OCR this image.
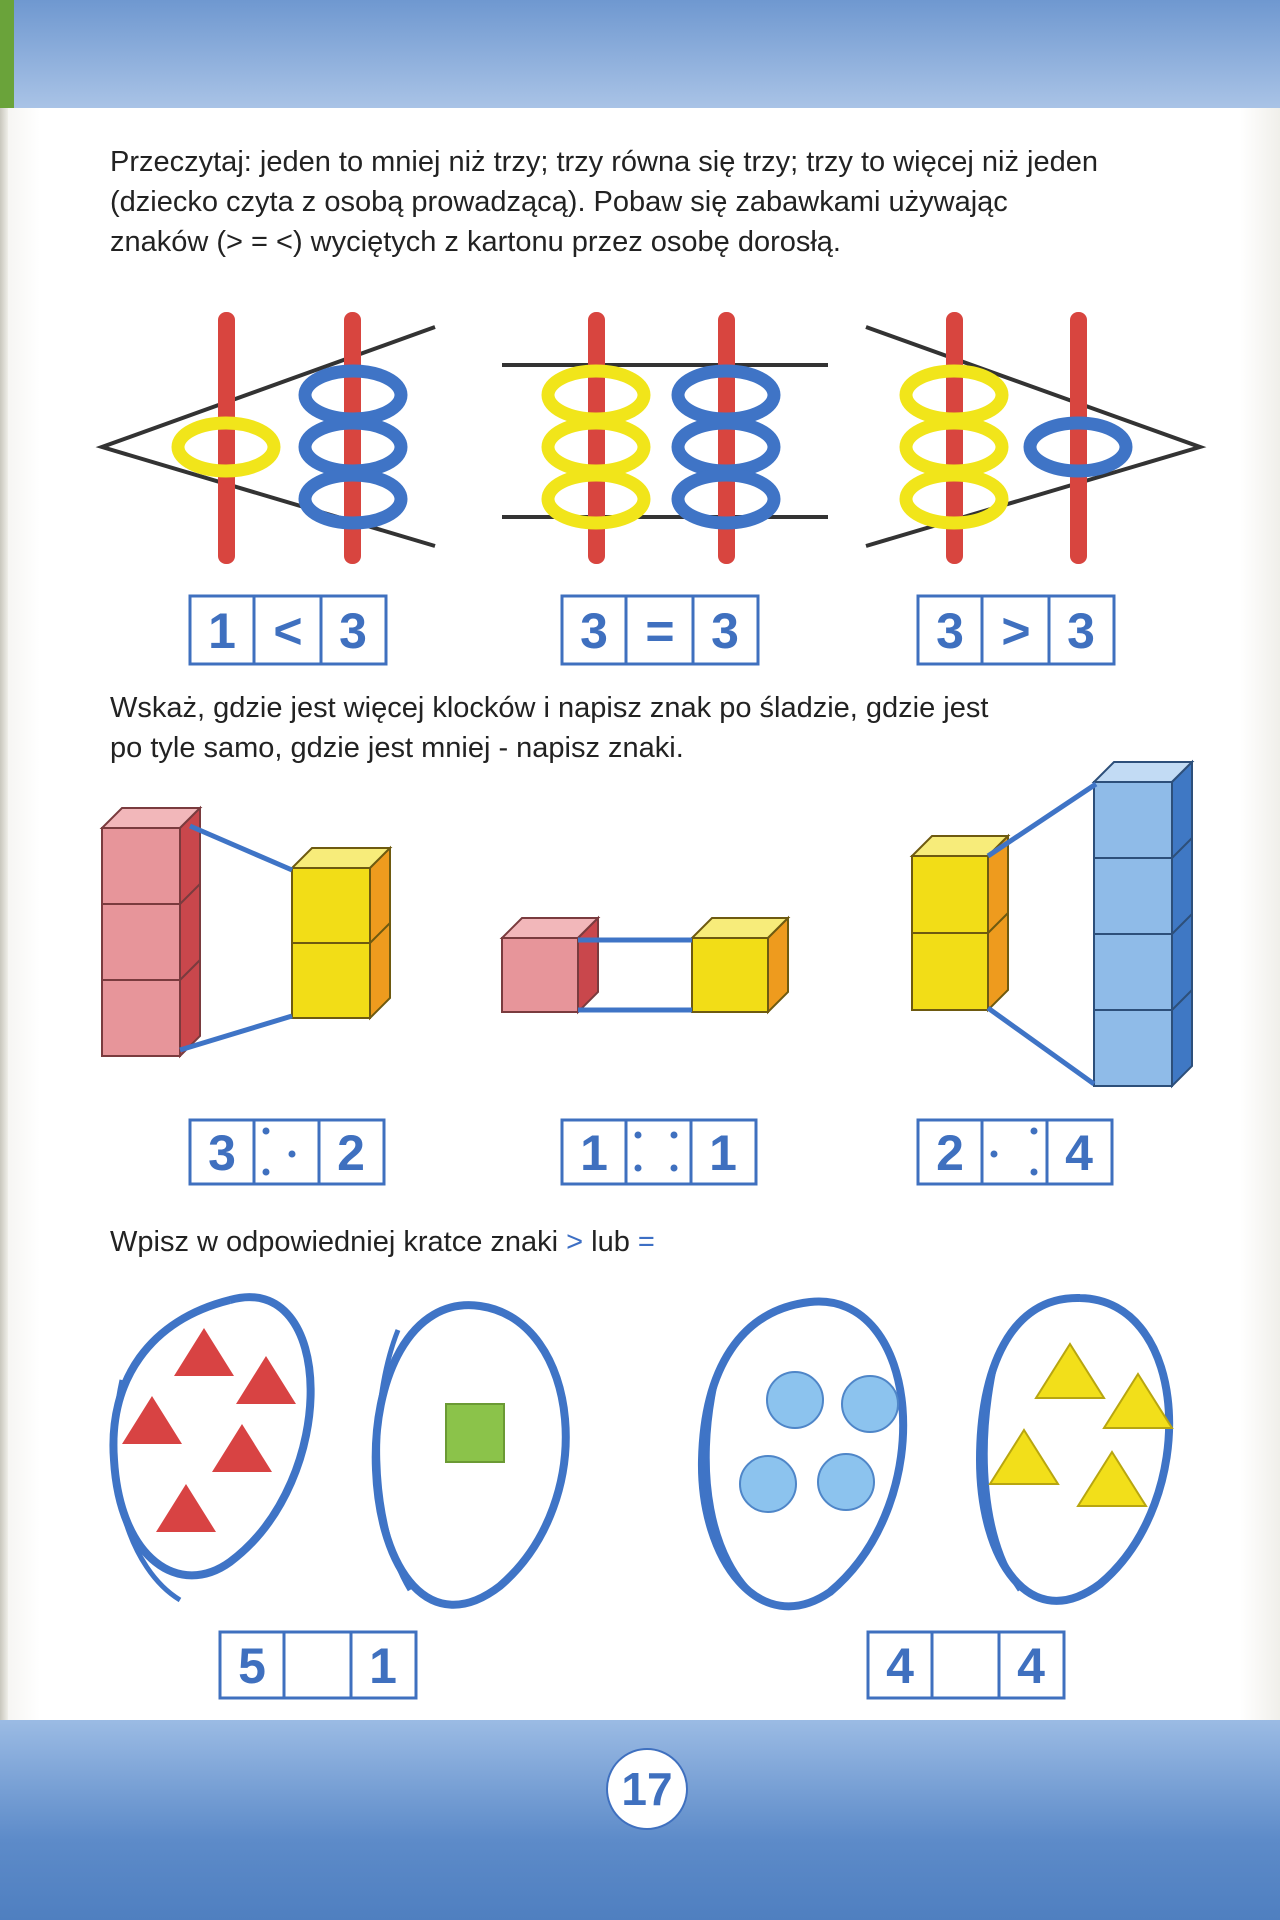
Przeczytaj: jeden to mniej niż trzy; trzy równa się trzy; trzy to więcej niż jeden
(dziecko czyta z osobą prowadzącą). Pobaw się zabawkami używając
znaków (> = <) wyciętych z kartonu przez osobę dorosłą.
Wskaż, gdzie jest więcej klocków i napisz znak po śladzie, gdzie jest
po tyle samo, gdzie jest mniej - napisz znaki.
Wpisz w odpowiedniej kratce znaki > lub =
1 < 3	3 = 3	3 > 3
3 2	1 1	2 4
5 1	4 4
17
